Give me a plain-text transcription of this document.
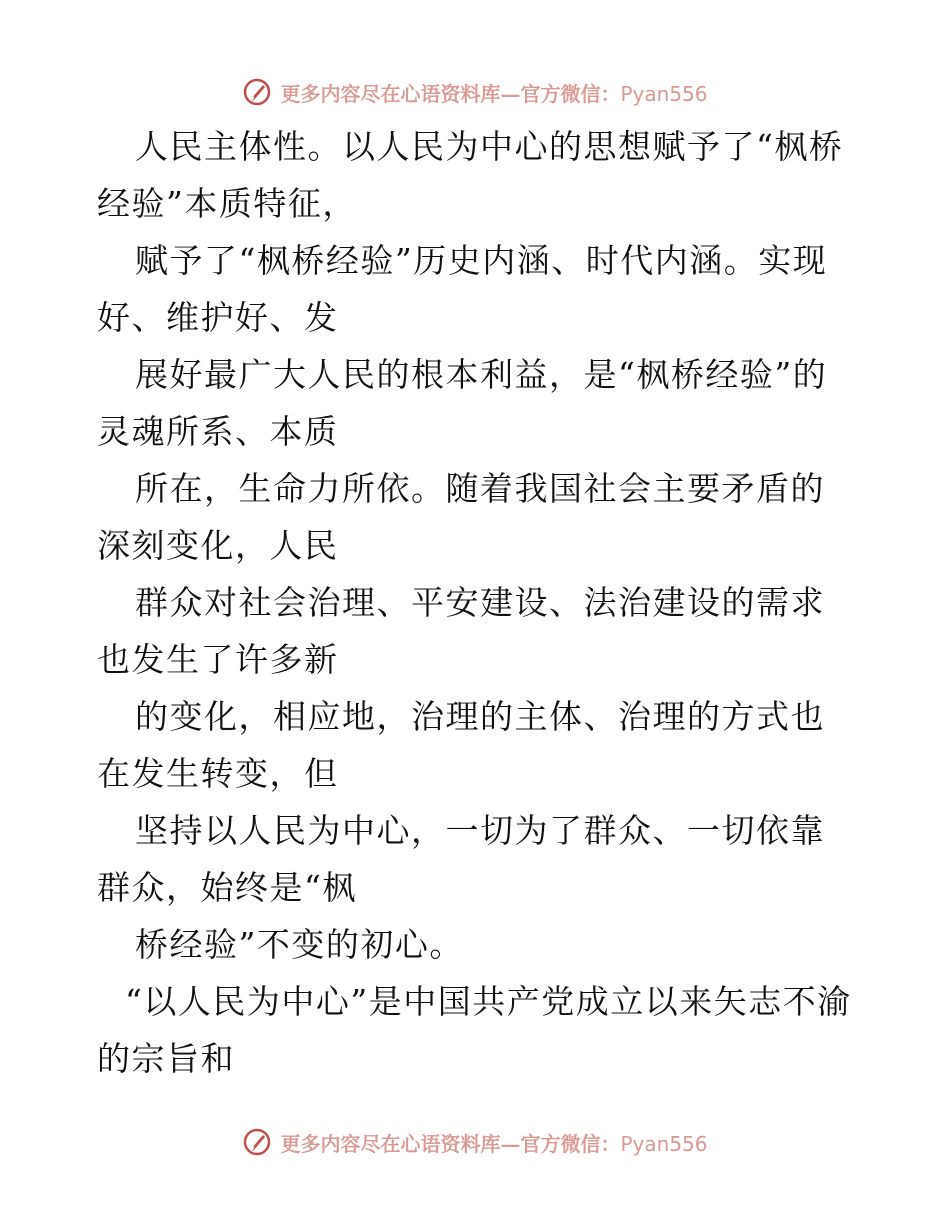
更多内容尽在心语资料库—官方微信：Pyan556

人民主体性。以人民为中心的思想赋予了“枫桥经验”本质特征，

赋予了“枫桥经验”历史内涵、时代内涵。实现好、维护好、发

展好最广大人民的根本利益，是“枫桥经验”的灵魂所系、本质

所在，生命力所依。随着我国社会主要矛盾的深刻变化，人民

群众对社会治理、平安建设、法治建设的需求也发生了许多新

的变化，相应地，治理的主体、治理的方式也在发生转变，但

坚持以人民为中心，一切为了群众、一切依靠群众，始终是“枫

桥经验”不变的初心。

“以人民为中心”是中国共产党成立以来矢志不渝的宗旨和

更多内容尽在心语资料库—官方微信：Pyan556
